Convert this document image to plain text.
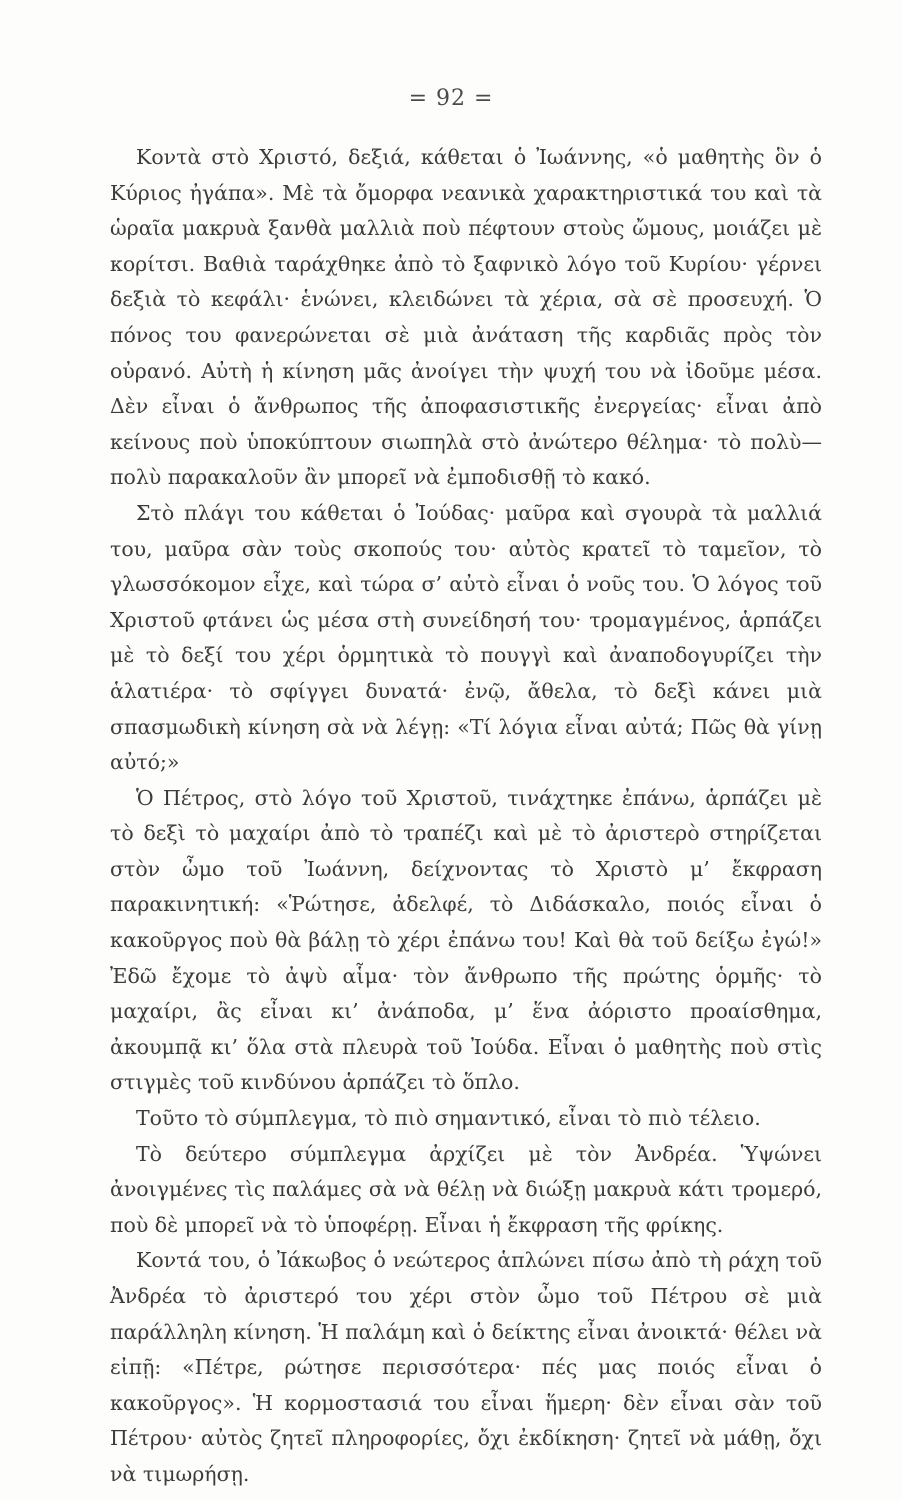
= 92 =

Κοντὰ στὸ Χριστό, δεξιά, κάθεται ὁ Ἰωάννης, «ὁ μαθητὴς ὃν ὁ Κύριος ἠγάπα». Μὲ τὰ ὄμορφα νεανικὰ χαρακτηριστικά του καὶ τὰ ὡραῖα μακρυὰ ξανθὰ μαλλιὰ ποὺ πέφτουν στοὺς ὤμους, μοιάζει μὲ κορίτσι. Βαθιὰ ταράχθηκε ἀπὸ τὸ ξαφνικὸ λόγο τοῦ Κυρίου· γέρνει δεξιὰ τὸ κεφάλι· ἑνώνει, κλειδώνει τὰ χέρια, σὰ σὲ προσευχή. Ὁ πόνος του φανερώνεται σὲ μιὰ ἀνάταση τῆς καρδιᾶς πρὸς τὸν οὐρανό. Αὐτὴ ἡ κίνηση μᾶς ἀνοίγει τὴν ψυχή του νὰ ἰδοῦμε μέσα. Δὲν εἶναι ὁ ἄνθρωπος τῆς ἀποφασιστικῆς ἐνεργείας· εἶναι ἀπὸ κείνους ποὺ ὑποκύπτουν σιωπηλὰ στὸ ἀνώτερο θέλημα· τὸ πολὺ—πολὺ παρακαλοῦν ἂν μπορεῖ νὰ ἐμποδισθῇ τὸ κακό.

Στὸ πλάγι του κάθεται ὁ Ἰούδας· μαῦρα καὶ σγουρὰ τὰ μαλλιά του, μαῦρα σὰν τοὺς σκοπούς του· αὐτὸς κρατεῖ τὸ ταμεῖον, τὸ γλωσσόκομον εἶχε, καὶ τώρα σ’ αὐτὸ εἶναι ὁ νοῦς του. Ὁ λόγος τοῦ Χριστοῦ φτάνει ὡς μέσα στὴ συνείδησή του· τρομαγμένος, ἁρπάζει μὲ τὸ δεξί του χέρι ὁρμητικὰ τὸ πουγγὶ καὶ ἀναποδογυρίζει τὴν ἁλατιέρα· τὸ σφίγγει δυνατά· ἐνῷ, ἄθελα, τὸ δεξὶ κάνει μιὰ σπασμωδικὴ κίνηση σὰ νὰ λέγῃ: «Τί λόγια εἶναι αὐτά; Πῶς θὰ γίνῃ αὐτό;»

Ὁ Πέτρος, στὸ λόγο τοῦ Χριστοῦ, τινάχτηκε ἐπάνω, ἁρπάζει μὲ τὸ δεξὶ τὸ μαχαίρι ἀπὸ τὸ τραπέζι καὶ μὲ τὸ ἀριστερὸ στηρίζεται στὸν ὦμο τοῦ Ἰωάννη, δείχνοντας τὸ Χριστὸ μ’ ἔκφραση παρακινητική: «Ῥώτησε, ἀδελφέ, τὸ Διδάσκαλο, ποιός εἶναι ὁ κακοῦργος ποὺ θὰ βάλῃ τὸ χέρι ἐπάνω του! Καὶ θὰ τοῦ δείξω ἐγώ!» Ἐδῶ ἔχομε τὸ ἀψὺ αἷμα· τὸν ἄνθρωπο τῆς πρώτης ὁρμῆς· τὸ μαχαίρι, ἂς εἶναι κι’ ἀνάποδα, μ’ ἕνα ἀόριστο προαίσθημα, ἀκουμπᾷ κι’ ὅλα στὰ πλευρὰ τοῦ Ἰούδα. Εἶναι ὁ μαθητὴς ποὺ στὶς στιγμὲς τοῦ κινδύνου ἁρπάζει τὸ ὅπλο.

Τοῦτο τὸ σύμπλεγμα, τὸ πιὸ σημαντικό, εἶναι τὸ πιὸ τέλειο.

Τὸ δεύτερο σύμπλεγμα ἀρχίζει μὲ τὸν Ἀνδρέα. Ὑψώνει ἀνοιγμένες τὶς παλάμες σὰ νὰ θέλῃ νὰ διώξῃ μακρυὰ κάτι τρομερό, ποὺ δὲ μπορεῖ νὰ τὸ ὑποφέρῃ. Εἶναι ἡ ἔκφραση τῆς φρίκης.

Κοντά του, ὁ Ἰάκωβος ὁ νεώτερος ἁπλώνει πίσω ἀπὸ τὴ ράχη τοῦ Ἀνδρέα τὸ ἀριστερό του χέρι στὸν ὦμο τοῦ Πέτρου σὲ μιὰ παράλληλη κίνηση. Ἡ παλάμη καὶ ὁ δείκτης εἶναι ἀνοικτά· θέλει νὰ εἰπῇ: «Πέτρε, ρώτησε περισσότερα· πές μας ποιός εἶναι ὁ κακοῦργος». Ἡ κορμοστασιά του εἶναι ἥμερη· δὲν εἶναι σὰν τοῦ Πέτρου· αὐτὸς ζητεῖ πληροφορίες, ὄχι ἐκδίκηση· ζητεῖ νὰ μάθῃ, ὄχι νὰ τιμωρήσῃ.
